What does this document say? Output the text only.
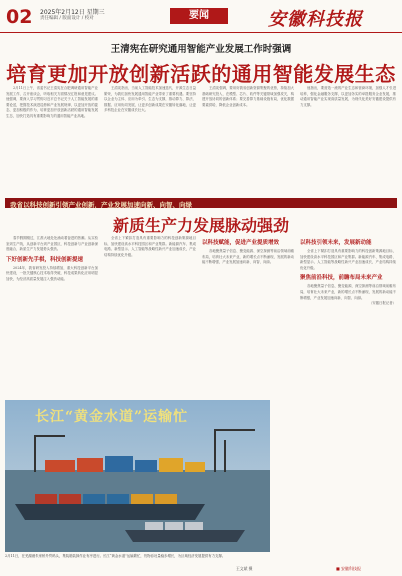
02 2025年2月12日 星期三
责任编辑 / 版面设计 / 校对	要闻	安徽科技报
王清宪在研究通用智能产业发展工作时强调
培育更加开放创新活跃的通用智能发展生态

2月11日上午，省委书记王清宪在合肥调研通用智能产业发展工作，召开座谈会，听取相关方面情况汇报和意见建议。他强调，要深入学习贯彻习近平总书记关于人工智能发展的重要论述，把握技术演进趋势和产业发展规律，以更加开放的姿态、更加积极的作为，培育更加开放创新活跃的通用智能发展生态，加快打造具有重要影响力的通用智能产业高地。

王清宪指出，当前人工智能技术加速迭代，开源生态日益繁荣，为我们加快发展通用智能产业带来了重要机遇。要坚持以企业为主体、应用为牵引、生态为支撑，推动算力、算法、数据、应用协同发展，让更多创新成果在安徽转化落地，让更多科技企业在安徽成长壮大。

王清宪强调，要用好我省创新资源集聚的优势，持续加大基础研究投入，在模型、芯片、软件等关键领域加强攻关，构建开放协同的创新体系；要完善算力基础设施布局，优化数据要素供给，降低企业创新成本。

他指出，要营造一流的产业生态和营商环境，加强人才引进培养，强化金融服务支撑，以更加务实的举措服务企业发展，推动通用智能产业实现高质量发展，为现代化美好安徽建设提供有力支撑。

我省以科技创新引领产业创新，产业发展加速向新、向智、向绿
新质生产力发展脉动强劲

春节假期刚过，江淮大地处处涌动着奋进的热潮。从实验室到生产线，从创新平台到产业园区，科技创新与产业创新深度融合，新质生产力发展势头强劲。

下好创新先手棋，科技创新提速

2024年，我省研发投入持续增加，重大科技创新平台加快建设，一批关键核心技术取得突破，科技成果转化应用明显加快，为经济高质量发展注入强劲动能。

全省上下紧扣打造具有重要影响力的科技创新策源地目标，加快建设高水平科技园区和产业集群。新能源汽车、集成电路、新型显示、人工智能等战略性新兴产业加速成长，产业结构持续优化升级。

以科技赋能，促进产业提质增效

各地聚焦量子信息、聚变能源、深空探测等前沿领域前瞻布局，培育壮大未来产业，新的增长点不断涌现，发展的新动能不断增强，产业发展加速向新、向智、向绿。

以科技引领未来，发展新动能

全省上下紧扣打造具有重要影响力的科技创新策源地目标，加快建设高水平科技园区和产业集群。新能源汽车、集成电路、新型显示、人工智能等战略性新兴产业加速成长，产业结构持续优化升级。

聚焦前沿科技，前瞻布局未来产业

各地聚焦量子信息、聚变能源、深空探测等前沿领域前瞻布局，培育壮大未来产业，新的增长点不断涌现，发展的新动能不断增强，产业发展加速向新、向智、向绿。

（安徽日报记者）

长江“黄金水道”运输忙
2月11日，在芜湖港朱家桥外贸码头，集装箱装卸作业有序进行。长江“黄金水道”运输繁忙，货物吞吐量稳步增长，为区域经济发展提供有力支撑。
王文斌 摄	■ 安徽科技报
